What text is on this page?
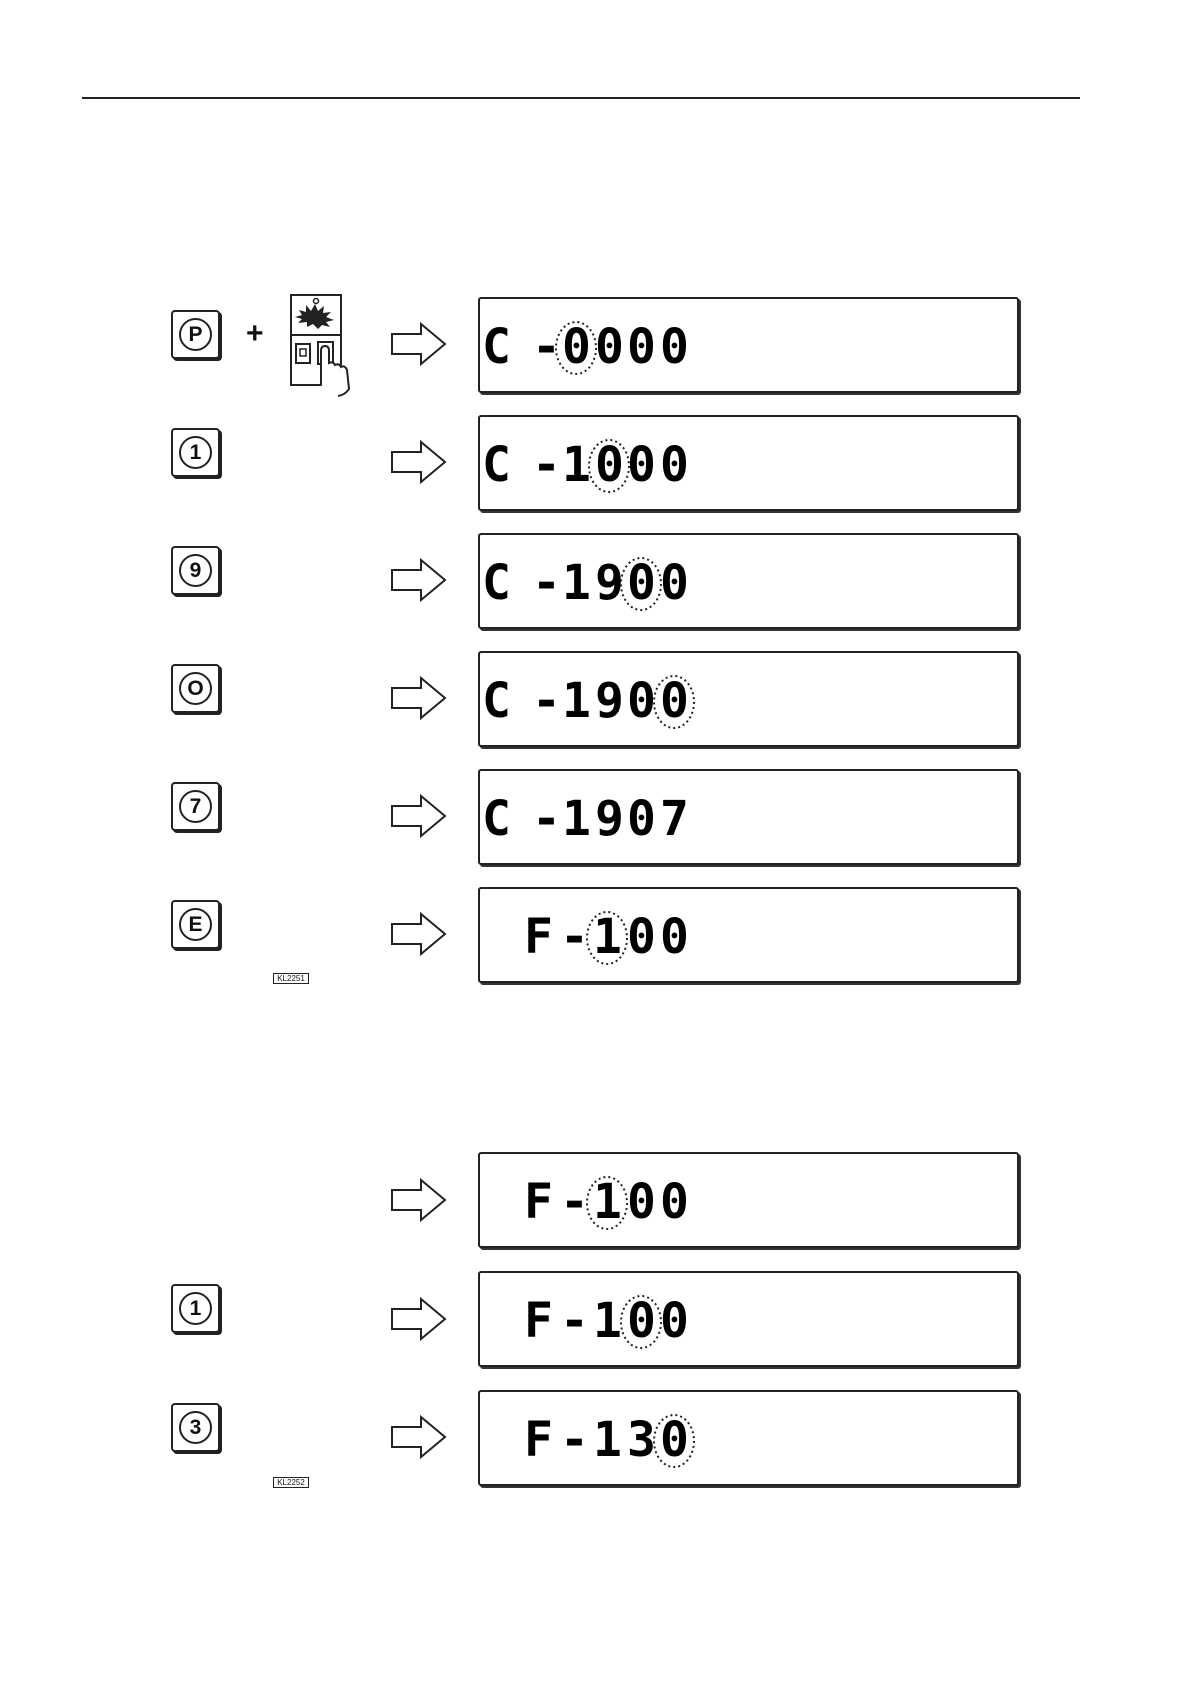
P	+	C - 0 0 0 0
1	C - 1 0 0 0
9	C - 1 9 0 0
O	C - 1 9 0 0
7	C - 1 9 0 7
E	F - 1 0 0
KL2251
F - 1 0 0
1	F - 1 0 0
3	F - 1 3 0
KL2252
